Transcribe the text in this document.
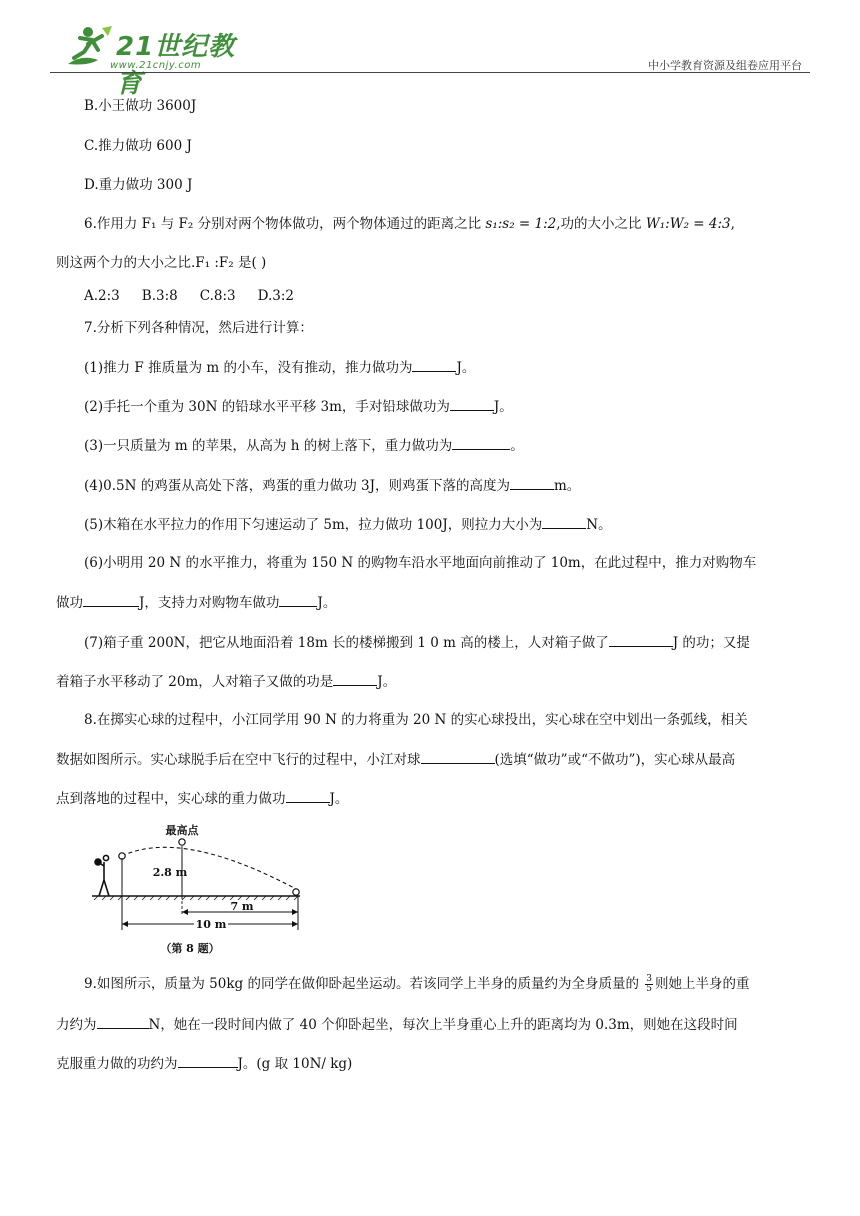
21世纪教育
www.21cnjy.com	中小学教育资源及组卷应用平台
B.小王做功 3600J
C.推力做功 600 J
D.重力做功 300 J
6.作用力 F₁ 与 F₂ 分别对两个物体做功，两个物体通过的距离之比 s₁:s₂ = 1:2,功的大小之比 W₁:W₂ = 4:3,
则这两个力的大小之比.F₁ :F₂ 是( )
A.2:3 B.3:8 C.8:3 D.3:2
7.分析下列各种情况，然后进行计算：
(1)推力 F 推质量为 m 的小车，没有推动，推力做功为	J。
(2)手托一个重为 30N 的铅球水平平移 3m，手对铅球做功为	J。
(3)一只质量为 m 的苹果，从高为 h 的树上落下，重力做功为	。
(4)0.5N 的鸡蛋从高处下落，鸡蛋的重力做功 3J，则鸡蛋下落的高度为	m。
(5)木箱在水平拉力的作用下匀速运动了 5m，拉力做功 100J，则拉力大小为	N。
(6)小明用 20 N 的水平推力，将重为 150 N 的购物车沿水平地面向前推动了 10m，在此过程中，推力对购物车
做功	J，支持力对购物车做功	J。
(7)箱子重 200N，把它从地面沿着 18m 长的楼梯搬到 1 0 m 高的楼上，人对箱子做了	J 的功；又提
着箱子水平移动了 20m，人对箱子又做的功是	J。
8.在掷实心球的过程中，小江同学用 90 N 的力将重为 20 N 的实心球投出，实心球在空中划出一条弧线，相关
数据如图所示。实心球脱手后在空中飞行的过程中，小江对球	(选填“做功”或“不做功”)，实心球从最高
点到落地的过程中，实心球的重力做功	J。
9.如图所示，质量为 50kg 的同学在做仰卧起坐运动。若该同学上半身的质量约为全身质量的 $\frac{3}{5}$ 则她上半身的重
力约为	N，她在一段时间内做了 40 个仰卧起坐，每次上半身重心上升的距离均为 0.3m，则她在这段时间
克服重力做的功约为	J。(g 取 10N/ kg)
最高点
2.8 m
7 m
10 m
（第 8 题）
